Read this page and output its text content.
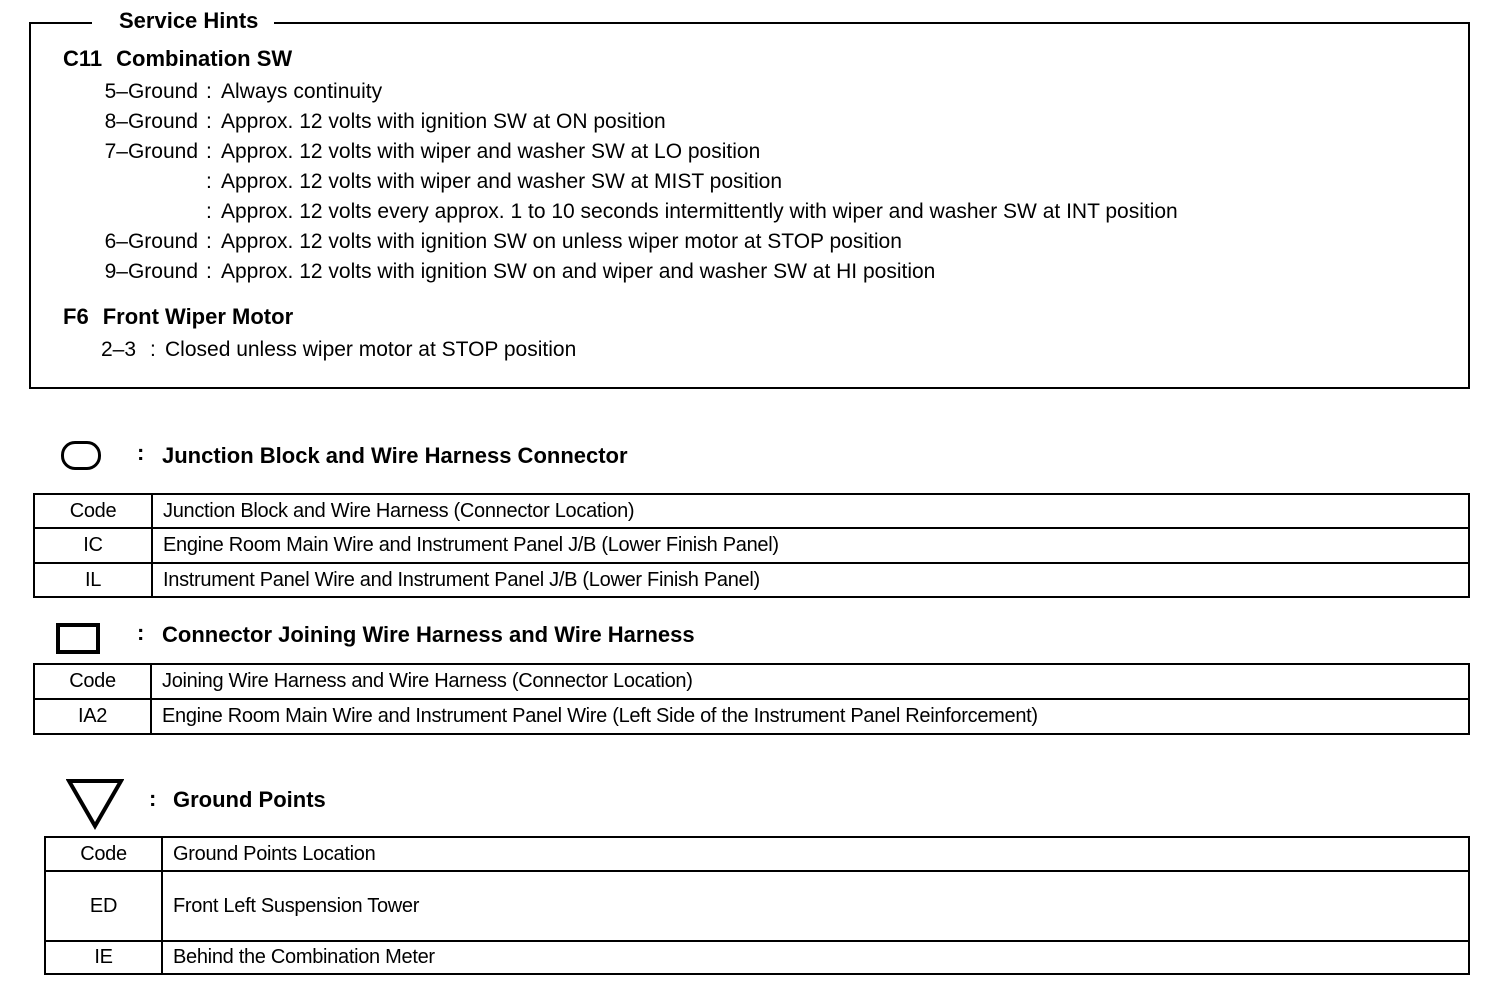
Service Hints
C11 Combination SW
5–Ground : Always continuity
8–Ground : Approx. 12 volts with ignition SW at ON position
7–Ground : Approx. 12 volts with wiper and washer SW at LO position
: Approx. 12 volts with wiper and washer SW at MIST position
: Approx. 12 volts every approx. 1 to 10 seconds intermittently with wiper and washer SW at INT position
6–Ground : Approx. 12 volts with ignition SW on unless wiper motor at STOP position
9–Ground : Approx. 12 volts with ignition SW on and wiper and washer SW at HI position
F6 Front Wiper Motor
2–3 : Closed unless wiper motor at STOP position
: Junction Block and Wire Harness Connector
Code	Junction Block and Wire Harness (Connector Location)
IC	Engine Room Main Wire and Instrument Panel J/B (Lower Finish Panel)
IL	Instrument Panel Wire and Instrument Panel J/B (Lower Finish Panel)
: Connector Joining Wire Harness and Wire Harness
Code	Joining Wire Harness and Wire Harness (Connector Location)
IA2	Engine Room Main Wire and Instrument Panel Wire (Left Side of the Instrument Panel Reinforcement)
: Ground Points
Code	Ground Points Location
ED	Front Left Suspension Tower
IE	Behind the Combination Meter
